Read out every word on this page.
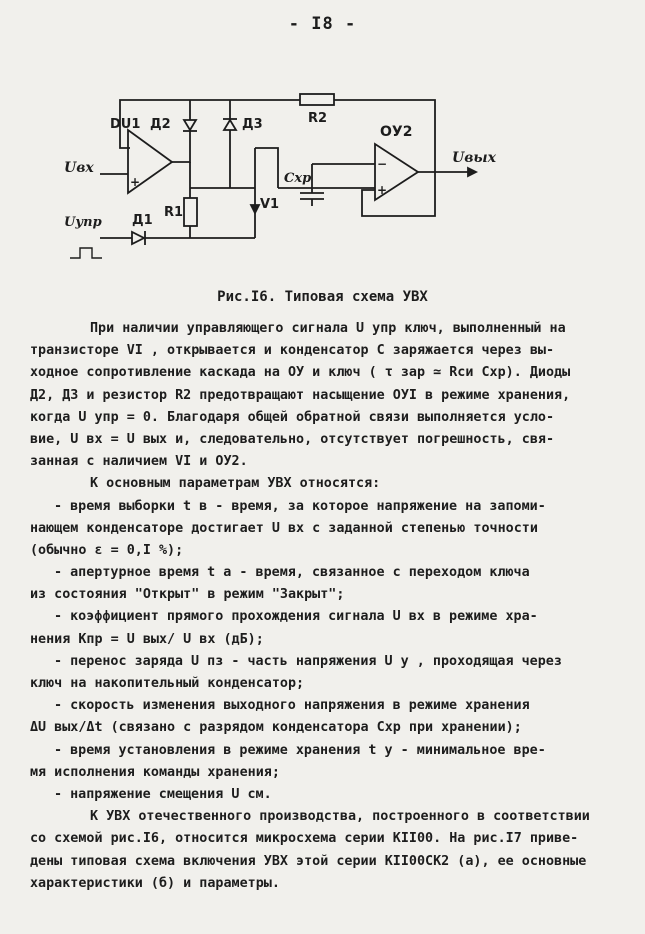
- I8 -
DU1 Д2	Д3	R2
ОУ2
Uвх
Uвых
Uупр Д1
R1
V1
Cхр
+
−
+
Рис.I6. Типовая схема УВХ
При наличии управляющего сигнала U упр ключ, выполненный на
транзисторе VI , открывается и конденсатор C заряжается через вы-
ходное сопротивление каскада на ОУ и ключ ( τ зар ≃ Rси Cхр). Диоды
Д2, Д3 и резистор R2 предотвращают насыщение ОУI в режиме хранения,
когда U упр = 0. Благодаря общей обратной связи выполняется усло-
вие, U вх = U вых и, следовательно, отсутствует погрешность, свя-
занная с наличием VI и ОУ2.
К основным параметрам УВХ относятся:
- время выборки t в - время, за которое напряжение на запоми-
нающем конденсаторе достигает U вх с заданной степенью точности
(обычно ε = 0,I %);
- апертурное время t а - время, связанное с переходом ключа
из состояния "Открыт" в режим "Закрыт";
- коэффициент прямого прохождения сигнала U вх в режиме хра-
нения Kпр = U вых/ U вх (дБ);
- перенос заряда U пз - часть напряжения U у , проходящая через
ключ на накопительный конденсатор;
- скорость изменения выходного напряжения в режиме хранения
ΔU вых/Δt (связано с разрядом конденсатора Cхр при хранении);
- время установления в режиме хранения t у - минимальное вре-
мя исполнения команды хранения;
- напряжение смещения U см.
К УВХ отечественного производства, построенного в соответствии
со схемой рис.I6, относится микросхема серии КII00. На рис.I7 приве-
дены типовая схема включения УВХ этой серии КII00СК2 (а), ее основные
характеристики (б) и параметры.
